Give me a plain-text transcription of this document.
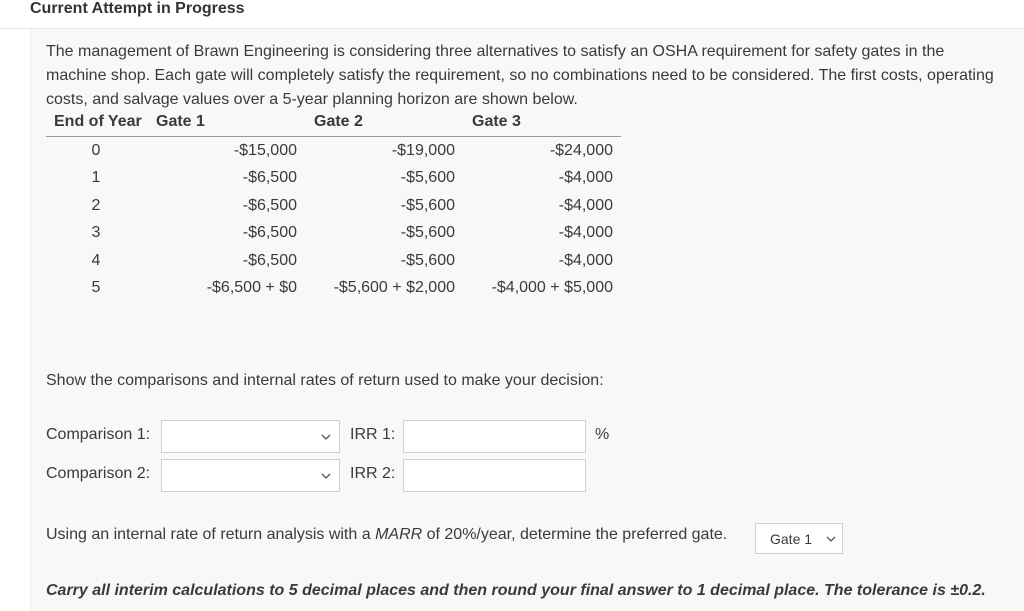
Current Attempt in Progress
The management of Brawn Engineering is considering three alternatives to satisfy an OSHA requirement for safety gates in the machine shop. Each gate will completely satisfy the requirement, so no combinations need to be considered. The first costs, operating costs, and salvage values over a 5-year planning horizon are shown below.
End of Year Gate 1	Gate 2	Gate 3
0	-$15,000	-$19,000	-$24,000
1	-$6,500	-$5,600	-$4,000
2	-$6,500	-$5,600	-$4,000
3	-$6,500	-$5,600	-$4,000
4	-$6,500	-$5,600	-$4,000
5	-$6,500 + $0	-$5,600 + $2,000	-$4,000 + $5,000
Show the comparisons and internal rates of return used to make your decision:
Comparison 1:	IRR 1:	%
Comparison 2:	IRR 2:
Using an internal rate of return analysis with a MARR of 20%/year, determine the preferred gate.	Gate 1
Carry all interim calculations to 5 decimal places and then round your final answer to 1 decimal place. The tolerance is ±0.2.
